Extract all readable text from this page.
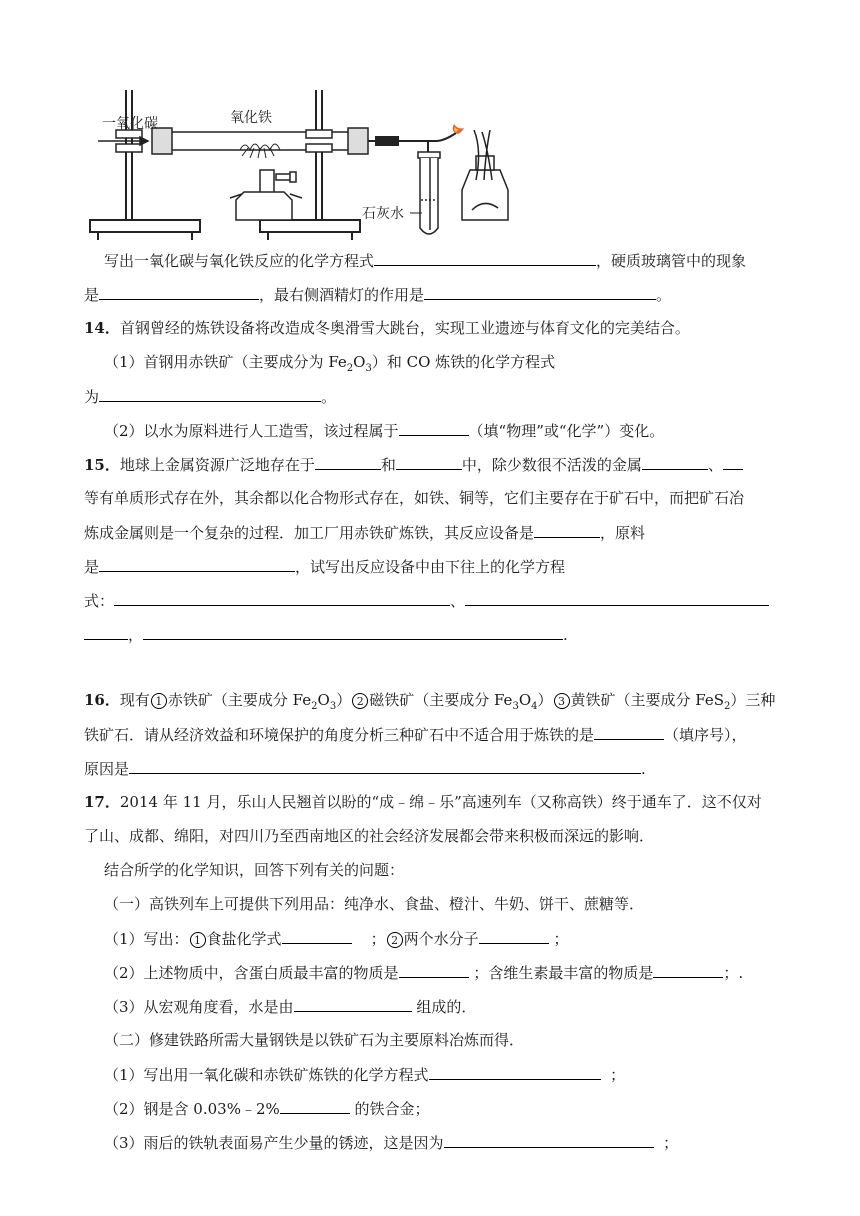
一氧化碳	氧化铁
石灰水
写出一氧化碳与氧化铁反应的化学方程式	，硬质玻璃管中的现象
是	，最右侧酒精灯的作用是	。
14．首钢曾经的炼铁设备将改造成冬奥滑雪大跳台，实现工业遗迹与体育文化的完美结合。
（1）首钢用赤铁矿（主要成分为 $Fe_2O_3$）和 CO 炼铁的化学方程式
为	。
（2）以水为原料进行人工造雪，该过程属于	（填“物理”或“化学”）变化。
15．地球上金属资源广泛地存在于	和	中，除少数很不活泼的金属	、
等有单质形式存在外，其余都以化合物形式存在，如铁、铜等，它们主要存在于矿石中，而把矿石冶
炼成金属则是一个复杂的过程．加工厂用赤铁矿炼铁，其反应设备是	，原料
是	，试写出反应设备中由下往上的化学方程
式：	、
，	.
16．现有 1 赤铁矿（主要成分 $Fe_2O_3$） 2 磁铁矿（主要成分 $Fe_3O_4$） 3 黄铁矿（主要成分 FeS$_2$）三种
铁矿石．请从经济效益和环境保护的角度分析三种矿石中不适合用于炼铁的是	（填序号），
原因是	.
17．2014 年 11 月，乐山人民翘首以盼的“成﹣绵﹣乐”高速列车（又称高铁）终于通车了．这不仅对
了山、成都、绵阳，对四川乃至西南地区的社会经济发展都会带来积极而深远的影响．
结合所学的化学知识，回答下列有关的问题：
（一）高铁列车上可提供下列用品：纯净水、食盐、橙汁、牛奶、饼干、蔗糖等．
（1）写出： 1 食盐化学式	； 2 两个水分子	；
（2）上述物质中，含蛋白质最丰富的物质是	；含维生素最丰富的物质是	；.
（3）从宏观角度看，水是由	组成的．
（二）修建铁路所需大量钢铁是以铁矿石为主要原料冶炼而得．
（1）写出用一氧化碳和赤铁矿炼铁的化学方程式	；
（2）钢是含 0.03%﹣2%	的铁合金；
（3）雨后的铁轨表面易产生少量的锈迹，这是因为	；
